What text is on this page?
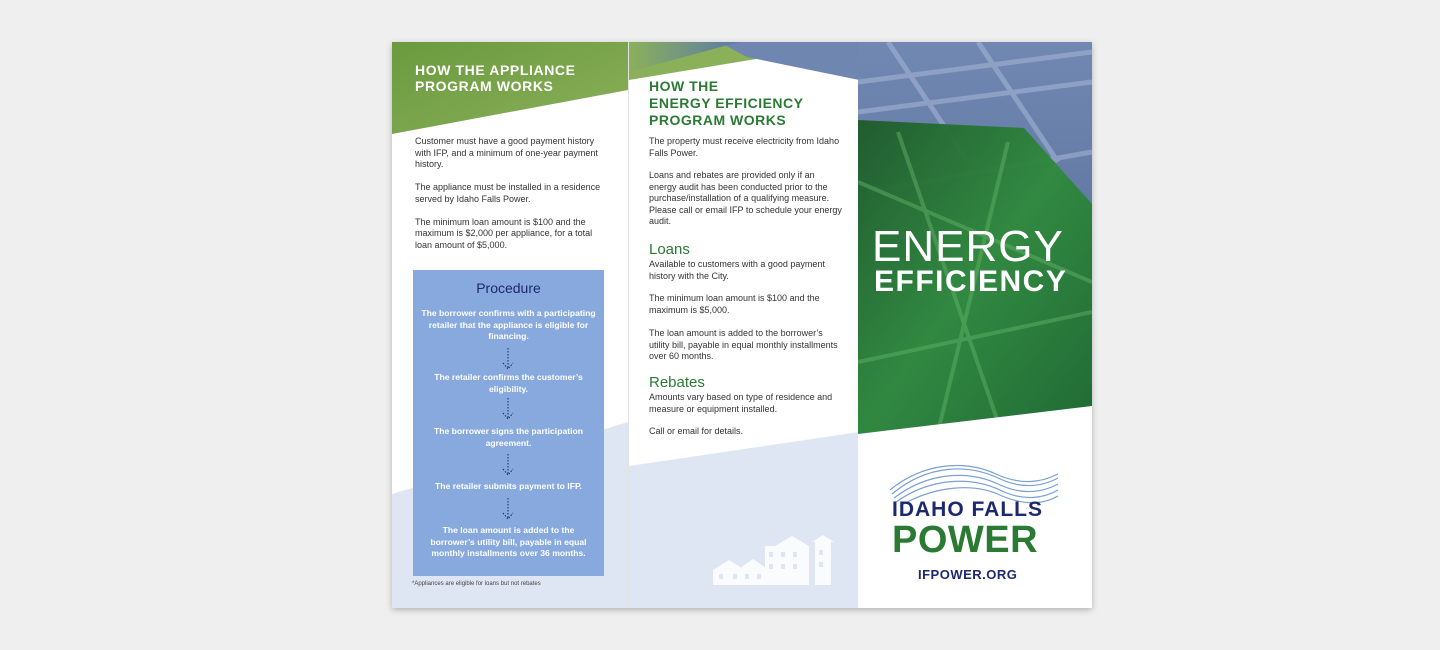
HOW THE APPLIANCE
PROGRAM WORKS

Customer must have a good payment history with IFP, and a minimum of one-year payment history.

The appliance must be installed in a residence served by Idaho Falls Power.

The minimum loan amount is $100 and the maximum is $2,000 per appliance, for a total loan amount of $5,000.

Procedure
The borrower confirms with a participating retailer that the appliance is eligible for financing.
The retailer confirms the customer’s eligibility.
The borrower signs the participation agreement.
The retailer submits payment to IFP.
The loan amount is added to the borrower’s utility bill, payable in equal monthly installments over 36 months.
*Appliances are eligible for loans but not rebates
HOW THE
ENERGY EFFICIENCY
PROGRAM WORKS
The property must receive electricity from Idaho Falls Power.
Loans and rebates are provided only if an energy audit has been conducted prior to the purchase/installation of a qualifying measure. Please call or email IFP to schedule your energy audit.
Loans
Available to customers with a good payment history with the City.
The minimum loan amount is $100 and the maximum is $5,000.
The loan amount is added to the borrower’s utility bill, payable in equal monthly installments over 60 months.
Rebates
Amounts vary based on type of residence and measure or equipment installed.
Call or email for details.
ENERGY
EFFICIENCY
IDAHO FALLS
POWER
IFPOWER.ORG
